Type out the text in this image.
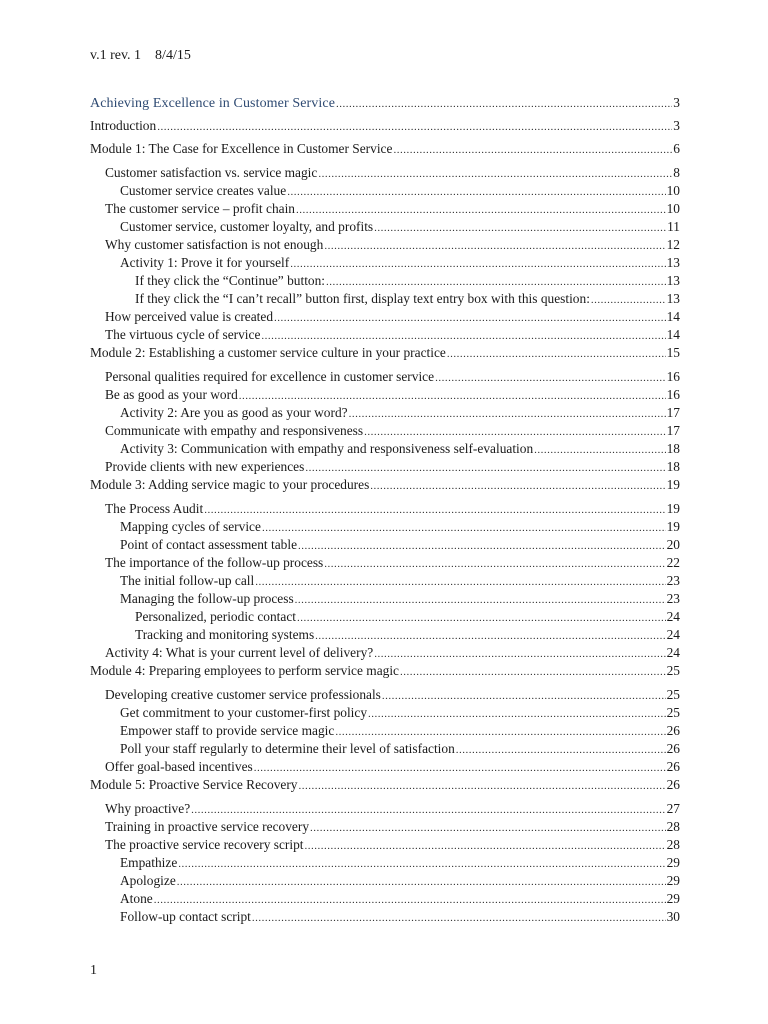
v.1 rev. 1    8/4/15
Achieving Excellence in Customer Service .....	3
Introduction .....	3
Module 1: The Case for Excellence in Customer Service .....	6
Customer satisfaction vs. service magic .....	8
Customer service creates value .....	10
The customer service – profit chain .....	10
Customer service, customer loyalty, and profits .....	11
Why customer satisfaction is not enough .....	12
Activity 1: Prove it for yourself .....	13
If they click the “Continue” button: .....	13
If they click the “I can’t recall” button first, display text entry box with this question: .....	13
How perceived value is created .....	14
The virtuous cycle of service .....	14
Module 2: Establishing a customer service culture in your practice .....	15
Personal qualities required for excellence in customer service .....	16
Be as good as your word .....	16
Activity 2: Are you as good as your word? .....	17
Communicate with empathy and responsiveness .....	17
Activity 3: Communication with empathy and responsiveness self-evaluation .....	18
Provide clients with new experiences .....	18
Module 3: Adding service magic to your procedures .....	19
The Process Audit .....	19
Mapping cycles of service .....	19
Point of contact assessment table .....	20
The importance of the follow-up process .....	22
The initial follow-up call .....	23
Managing the follow-up process .....	23
Personalized, periodic contact .....	24
Tracking and monitoring systems .....	24
Activity 4: What is your current level of delivery? .....	24
Module 4: Preparing employees to perform service magic .....	25
Developing creative customer service professionals .....	25
Get commitment to your customer-first policy .....	25
Empower staff to provide service magic .....	26
Poll your staff regularly to determine their level of satisfaction .....	26
Offer goal-based incentives .....	26
Module 5: Proactive Service Recovery .....	26
Why proactive? .....	27
Training in proactive service recovery .....	28
The proactive service recovery script .....	28
Empathize .....	29
Apologize .....	29
Atone .....	29
Follow-up contact script .....	30
1
